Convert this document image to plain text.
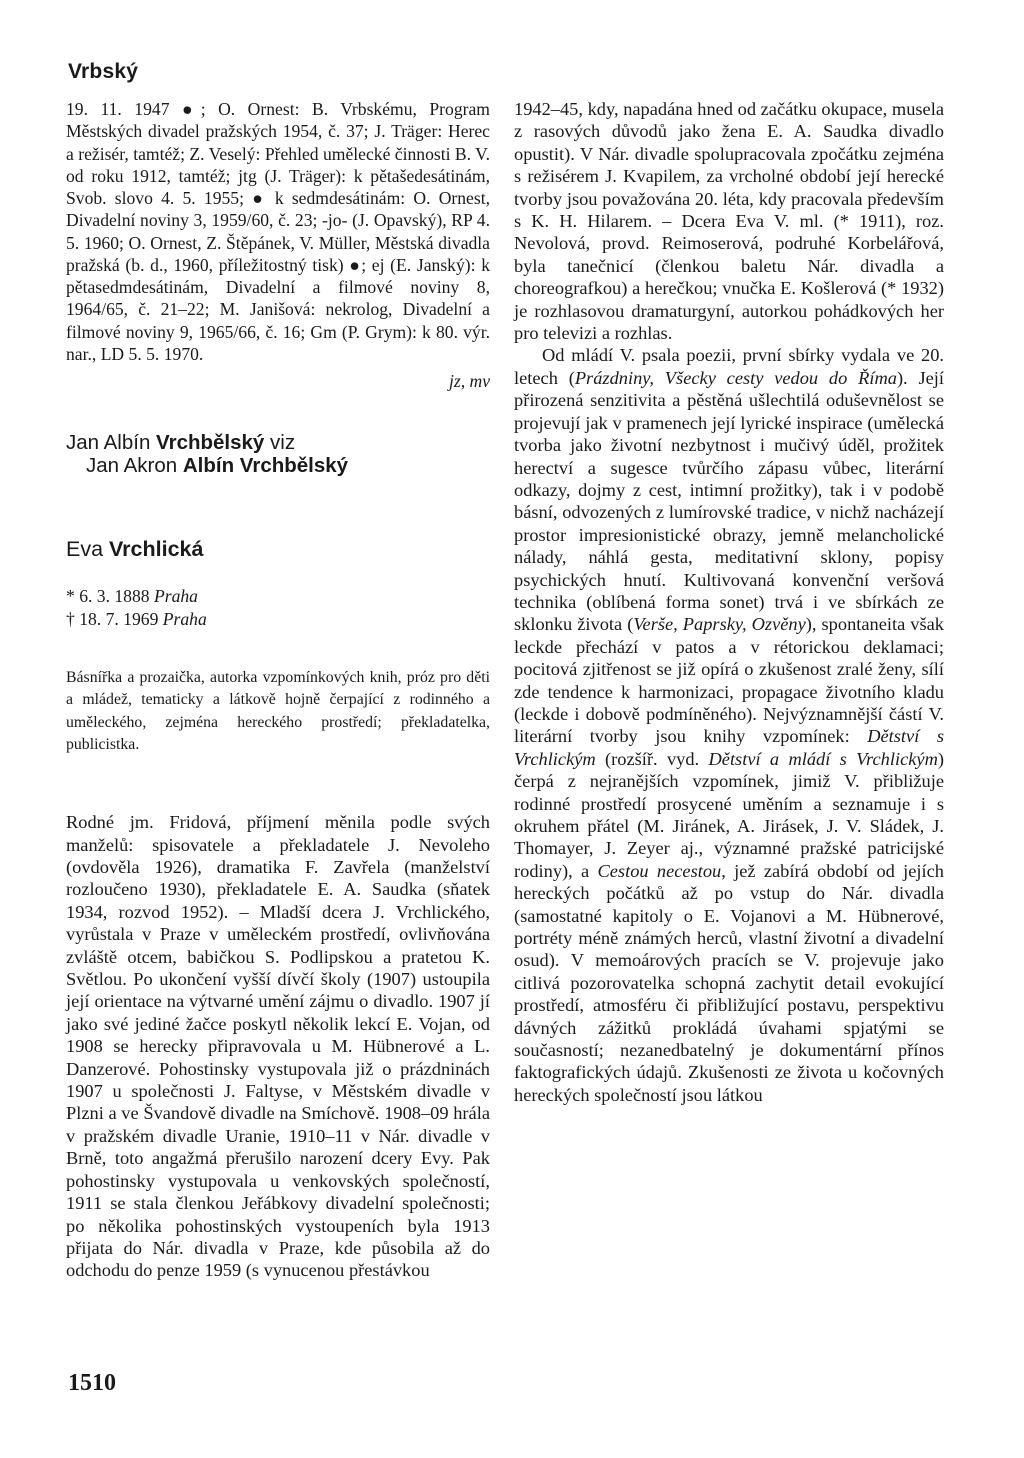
Vrbský

19. 11. 1947 ●; O. Ornest: B. Vrbskému, Program Městských divadel pražských 1954, č. 37; J. Träger: Herec a režisér, tamtéž; Z. Veselý: Přehled umělecké činnosti B. V. od roku 1912, tamtéž; jtg (J. Träger): k pětašedesátinám, Svob. slovo 4. 5. 1955; ● k sedmdesátinám: O. Ornest, Divadelní noviny 3, 1959/60, č. 23; -jo- (J. Opavský), RP 4. 5. 1960; O. Ornest, Z. Štěpánek, V. Müller, Městská divadla pražská (b. d., 1960, příležitostný tisk) ●; ej (E. Janský): k pětasedmdesátinám, Divadelní a filmové noviny 8, 1964/65, č. 21–22; M. Janišová: nekrolog, Divadelní a filmové noviny 9, 1965/66, č. 16; Gm (P. Grym): k 80. výr. nar., LD 5. 5. 1970.

jz, mv
Jan Albín Vrchbělský viz
Jan Akron Albín Vrchbělský
Eva Vrchlická
* 6. 3. 1888 Praha
† 18. 7. 1969 Praha

Básnířka a prozaička, autorka vzpomínkových knih, próz pro děti a mládež, tematicky a látkově hojně čerpající z rodinného a uměleckého, zejména hereckého prostředí; překladatelka, publicistka.

Rodné jm. Fridová, příjmení měnila podle svých manželů: spisovatele a překladatele J. Nevoleho (ovdověla 1926), dramatika F. Zavřela (manželství rozloučeno 1930), překladatele E. A. Saudka (sňatek 1934, rozvod 1952). – Mladší dcera J. Vrchlického, vyrůstala v Praze v uměleckém prostředí, ovlivňována zvláště otcem, babičkou S. Podlipskou a pratetou K. Světlou. Po ukončení vyšší dívčí školy (1907) ustoupila její orientace na výtvarné umění zájmu o divadlo. 1907 jí jako své jediné žačce poskytl několik lekcí E. Vojan, od 1908 se herecky připravovala u M. Hübnerové a L. Danzerové. Pohostinsky vystupovala již o prázdninách 1907 u společnosti J. Faltyse, v Městském divadle v Plzni a ve Švandově divadle na Smíchově. 1908–09 hrála v pražském divadle Uranie, 1910–11 v Nár. divadle v Brně, toto angažmá přerušilo narození dcery Evy. Pak pohostinsky vystupovala u venkovských společností, 1911 se stala členkou Jeřábkovy divadelní společnosti; po několika pohostinských vystoupeních byla 1913 přijata do Nár. divadla v Praze, kde působila až do odchodu do penze 1959 (s vynucenou přestávkou

1942–45, kdy, napadána hned od začátku okupace, musela z rasových důvodů jako žena E. A. Saudka divadlo opustit). V Nár. divadle spolupracovala zpočátku zejména s režisérem J. Kvapilem, za vrcholné období její herecké tvorby jsou považována 20. léta, kdy pracovala především s K. H. Hilarem. – Dcera Eva V. ml. (* 1911), roz. Nevolová, provd. Reimoserová, podruhé Korbelářová, byla tanečnicí (členkou baletu Nár. divadla a choreografkou) a herečkou; vnučka E. Košlerová (* 1932) je rozhlasovou dramaturgyní, autorkou pohádkových her pro televizi a rozhlas.

Od mládí V. psala poezii, první sbírky vydala ve 20. letech (Prázdniny, Všecky cesty vedou do Říma). Její přirozená senzitivita a pěstěná ušlechtilá oduševnělost se projevují jak v pramenech její lyrické inspirace (umělecká tvorba jako životní nezbytnost i mučivý úděl, prožitek herectví a sugesce tvůrčího zápasu vůbec, literární odkazy, dojmy z cest, intimní prožitky), tak i v podobě básní, odvozených z lumírovské tradice, v nichž nacházejí prostor impresionistické obrazy, jemně melancholické nálady, náhlá gesta, meditativní sklony, popisy psychických hnutí. Kultivovaná konvenční veršová technika (oblíbená forma sonet) trvá i ve sbírkách ze sklonku života (Verše, Paprsky, Ozvěny), spontaneita však leckde přechází v patos a v rétorickou deklamaci; pocitová zjitřenost se již opírá o zkušenost zralé ženy, sílí zde tendence k harmonizaci, propagace životního kladu (leckde i dobově podmíněného). Nejvýznamnější částí V. literární tvorby jsou knihy vzpomínek: Dětství s Vrchlickým (rozšíř. vyd. Dětství a mládí s Vrchlickým) čerpá z nejranějších vzpomínek, jimiž V. přibližuje rodinné prostředí prosycené uměním a seznamuje i s okruhem přátel (M. Jiránek, A. Jirásek, J. V. Sládek, J. Thomayer, J. Zeyer aj., významné pražské patricijské rodiny), a Cestou necestou, jež zabírá období od jejích hereckých počátků až po vstup do Nár. divadla (samostatné kapitoly o E. Vojanovi a M. Hübnerové, portréty méně známých herců, vlastní životní a divadelní osud). V memoárových pracích se V. projevuje jako citlivá pozorovatelka schopná zachytit detail evokující prostředí, atmosféru či přibližující postavu, perspektivu dávných zážitků prokládá úvahami spjatými se současností; nezanedbatelný je dokumentární přínos faktografických údajů. Zkušenosti ze života u kočovných hereckých společností jsou látkou

1510
